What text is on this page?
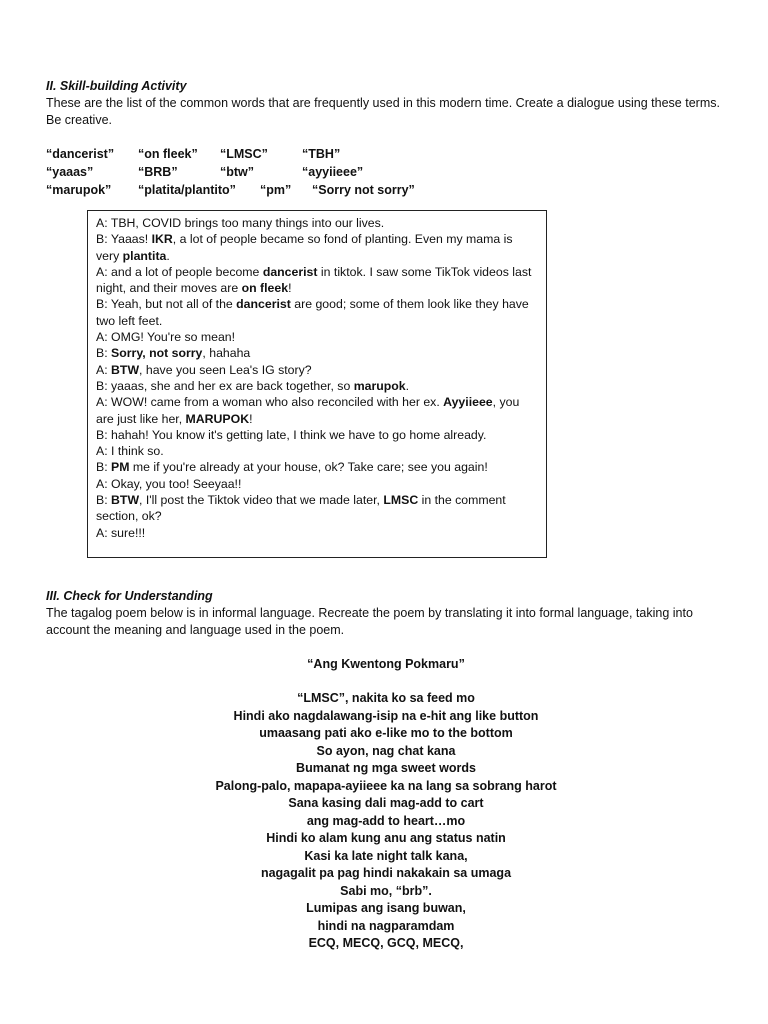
II. Skill-building Activity

These are the list of the common words that are frequently used in this modern time. Create a dialogue using these terms. Be creative.

“dancerist”	“on fleek”	“LMSC”	“TBH”
“yaaas”	“BRB”	“btw”	“ayyiieee”
“marupok”	“platita/plantito”	“pm”	“Sorry not sorry”

A: TBH, COVID brings too many things into our lives.

B: Yaaas! IKR, a lot of people became so fond of planting. Even my mama is

very plantita.

A: and a lot of people become dancerist in tiktok. I saw some TikTok videos last

night, and their moves are on fleek!

B: Yeah, but not all of the dancerist are good; some of them look like they have

two left feet.

A: OMG! You're so mean!

B: Sorry, not sorry, hahaha

A: BTW, have you seen Lea's IG story?

B: yaaas, she and her ex are back together, so marupok.

A: WOW! came from a woman who also reconciled with her ex. Ayyiieee, you

are just like her, MARUPOK!

B: hahah! You know it's getting late, I think we have to go home already.

A: I think so.

B: PM me if you're already at your house, ok? Take care; see you again!

A: Okay, you too! Seeyaa!!

B: BTW, I'll post the Tiktok video that we made later, LMSC in the comment

section, ok?

A: sure!!!

III. Check for Understanding

The tagalog poem below is in informal language. Recreate the poem by translating it into formal language, taking into account the meaning and language used in the poem.

“Ang Kwentong Pokmaru”

“LMSC”, nakita ko sa feed mo

Hindi ako nagdalawang-isip na e-hit ang like button

umaasang pati ako e-like mo to the bottom

So ayon, nag chat kana

Bumanat ng mga sweet words

Palong-palo, mapapa-ayiieee ka na lang sa sobrang harot

Sana kasing dali mag-add to cart

ang mag-add to heart…mo

Hindi ko alam kung anu ang status natin

Kasi ka late night talk kana,

nagagalit pa pag hindi nakakain sa umaga

Sabi mo, “brb”.

Lumipas ang isang buwan,

hindi na nagparamdam

ECQ, MECQ, GCQ, MECQ,
